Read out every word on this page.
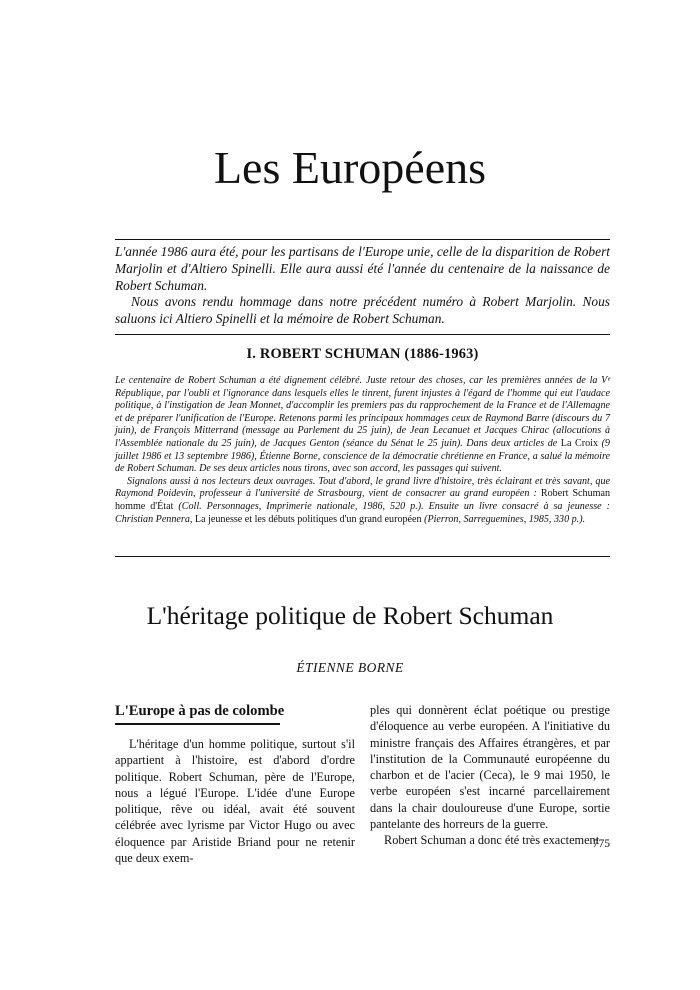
Les Européens

L'année 1986 aura été, pour les partisans de l'Europe unie, celle de la disparition de Robert Marjolin et d'Altiero Spinelli. Elle aura aussi été l'année du centenaire de la naissance de Robert Schuman.

Nous avons rendu hommage dans notre précédent numéro à Robert Marjolin. Nous saluons ici Altiero Spinelli et la mémoire de Robert Schuman.

I. ROBERT SCHUMAN (1886-1963)

Le centenaire de Robert Schuman a été dignement célébré. Juste retour des choses, car les premières années de la Vᵉ République, par l'oubli et l'ignorance dans lesquels elles le tinrent, furent injustes à l'égard de l'homme qui eut l'audace politique, à l'instigation de Jean Monnet, d'accomplir les premiers pas du rapprochement de la France et de l'Allemagne et de préparer l'unification de l'Europe. Retenons parmi les principaux hommages ceux de Raymond Barre (discours du 7 juin), de François Mitterrand (message au Parlement du 25 juin), de Jean Lecanuet et Jacques Chirac (allocutions à l'Assemblée nationale du 25 juin), de Jacques Genton (séance du Sénat le 25 juin). Dans deux articles de La Croix (9 juillet 1986 et 13 septembre 1986), Étienne Borne, conscience de la démocratie chrétienne en France, a salué la mémoire de Robert Schuman. De ses deux articles nous tirons, avec son accord, les passages qui suivent.

Signalons aussi à nos lecteurs deux ouvrages. Tout d'abord, le grand livre d'histoire, très éclairant et très savant, que Raymond Poidevin, professeur à l'université de Strasbourg, vient de consacrer au grand européen : Robert Schuman homme d'État (Coll. Personnages, Imprimerie nationale, 1986, 520 p.). Ensuite un livre consacré à sa jeunesse : Christian Pennera, La jeunesse et les débuts politiques d'un grand européen (Pierron, Sarreguemines, 1985, 330 p.).

L'héritage politique de Robert Schuman
ÉTIENNE BORNE
L'Europe à pas de colombe

L'héritage d'un homme politique, surtout s'il appartient à l'histoire, est d'abord d'ordre politique. Robert Schuman, père de l'Europe, nous a légué l'Europe. L'idée d'une Europe politique, rêve ou idéal, avait été souvent célébrée avec lyrisme par Victor Hugo ou avec éloquence par Aristide Briand pour ne retenir que deux exem-

ples qui donnèrent éclat poétique ou prestige d'éloquence au verbe européen. A l'initiative du ministre français des Affaires étrangères, et par l'institution de la Communauté européenne du charbon et de l'acier (Ceca), le 9 mai 1950, le verbe européen s'est incarné parcellairement dans la chair douloureuse d'une Europe, sortie pantelante des horreurs de la guerre.

Robert Schuman a donc été très exactement

775
